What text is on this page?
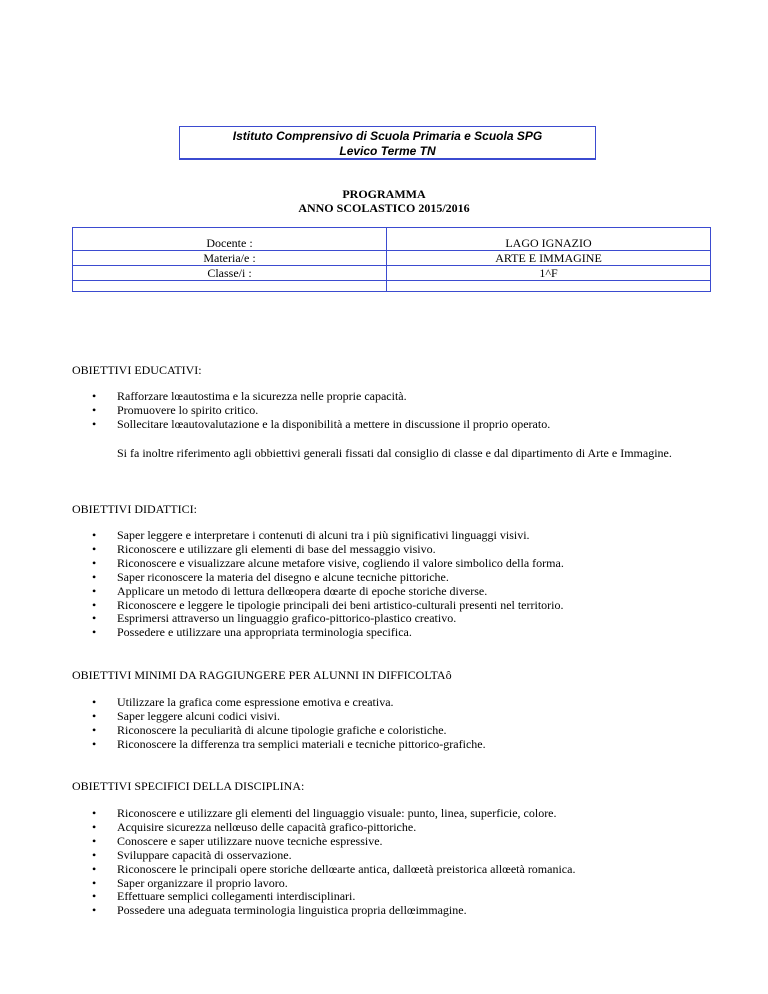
Istituto Comprensivo di Scuola Primaria e Scuola SPG
Levico Terme TN
PROGRAMMA
ANNO SCOLASTICO 2015/2016
Docente :	LAGO IGNAZIO
Materia/e :	ARTE E IMMAGINE
Classe/i :	1^F

OBIETTIVI EDUCATIVI:
• Rafforzare lœautostima e la sicurezza nelle proprie capacità.
• Promuovere lo spirito critico.
• Sollecitare lœautovalutazione e la disponibilità a mettere in discussione il proprio operato.
Si fa inoltre riferimento agli obbiettivi generali fissati dal consiglio di classe e dal dipartimento di Arte e Immagine.
OBIETTIVI DIDATTICI:
• Saper leggere e interpretare i contenuti di alcuni tra i più significativi linguaggi visivi.
• Riconoscere e utilizzare gli elementi di base del messaggio visivo.
• Riconoscere e visualizzare alcune metafore visive, cogliendo il valore simbolico della forma.
• Saper riconoscere la materia del disegno e alcune tecniche pittoriche.
• Applicare un metodo di lettura dellœopera dœarte di epoche storiche diverse.
• Riconoscere e leggere le tipologie principali dei beni artistico-culturali presenti nel territorio.
• Esprimersi attraverso un linguaggio grafico-pittorico-plastico creativo.
• Possedere e utilizzare una appropriata terminologia specifica.
OBIETTIVI MINIMI DA RAGGIUNGERE PER ALUNNI IN DIFFICOLTAô
• Utilizzare la grafica come espressione emotiva e creativa.
• Saper leggere alcuni codici visivi.
• Riconoscere la peculiarità di alcune tipologie grafiche e coloristiche.
• Riconoscere la differenza tra semplici materiali e tecniche pittorico-grafiche.
OBIETTIVI SPECIFICI DELLA DISCIPLINA:
• Riconoscere e utilizzare gli elementi del linguaggio visuale: punto, linea, superficie, colore.
• Acquisire sicurezza nellœuso delle capacità grafico-pittoriche.
• Conoscere e saper utilizzare nuove tecniche espressive.
• Sviluppare capacità di osservazione.
• Riconoscere le principali opere storiche dellœarte antica, dallœetà preistorica allœetà romanica.
• Saper organizzare il proprio lavoro.
• Effettuare semplici collegamenti interdisciplinari.
• Possedere una adeguata terminologia linguistica propria dellœimmagine.
